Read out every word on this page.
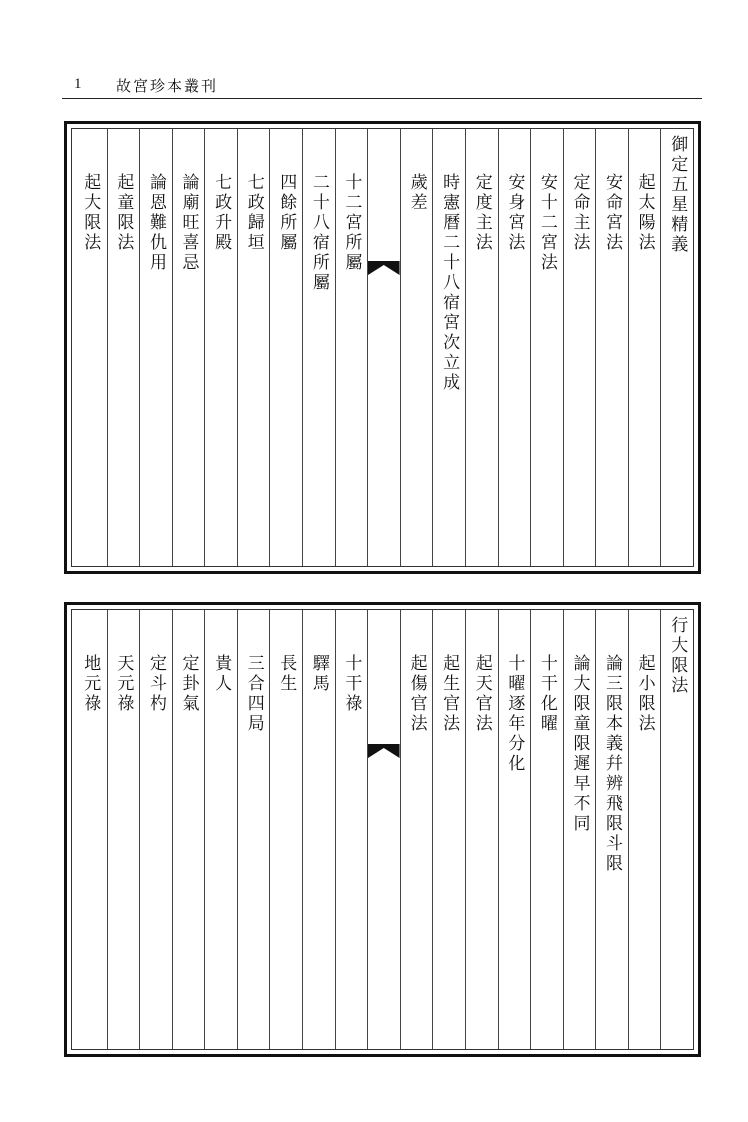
1 故宮珍本叢刊
御定五星精義
起太陽法
安命宮法
定命主法
安十二宮法
安身宮法
定度主法
時憲曆二十八宿宮次立成
歲差
十二宮所屬
二十八宿所屬
四餘所屬
七政歸垣
七政升殿
論廟旺喜忌
論恩難仇用
起童限法
起大限法
行大限法
起小限法
論三限本義幷辨飛限斗限
論大限童限遲早不同
十干化曜
十曜逐年分化
起天官法
起生官法
起傷官法
十干祿
驛馬
長生
三合四局
貴人
定卦氣
定斗杓
天元祿
地元祿
